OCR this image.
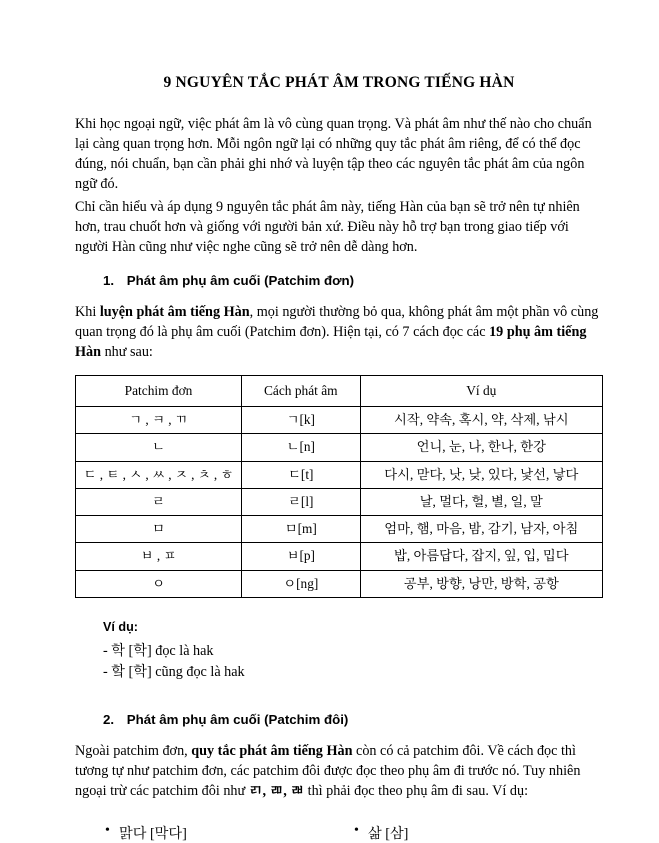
9 NGUYÊN TẮC PHÁT ÂM TRONG TIẾNG HÀN

Khi học ngoại ngữ, việc phát âm là vô cùng quan trọng. Và phát âm như thế nào cho chuẩn lại càng quan trọng hơn. Mỗi ngôn ngữ lại có những quy tắc phát âm riêng, để có thể đọc đúng, nói chuẩn, bạn cần phải ghi nhớ và luyện tập theo các nguyên tắc phát âm của ngôn ngữ đó.

Chỉ cần hiểu và áp dụng 9 nguyên tắc phát âm này, tiếng Hàn của bạn sẽ trở nên tự nhiên hơn, trau chuốt hơn và giống với người bản xứ. Điều này hỗ trợ bạn trong giao tiếp với người Hàn cũng như việc nghe cũng sẽ trở nên dễ dàng hơn.

1. Phát âm phụ âm cuối (Patchim đơn)

Khi luyện phát âm tiếng Hàn, mọi người thường bỏ qua, không phát âm một phần vô cùng quan trọng đó là phụ âm cuối (Patchim đơn). Hiện tại, có 7 cách đọc các 19 phụ âm tiếng Hàn như sau:

Patchim đơn	Cách phát âm	Ví dụ
ㄱ , ㅋ , ㄲ	ㄱ[k]	시작, 약속, 혹시, 약, 삭제, 낚시
ㄴ	ㄴ[n]	언니, 눈, 나, 한나, 한강
ㄷ , ㅌ , ㅅ , ㅆ , ㅈ , ㅊ , ㅎ	ㄷ[t]	다시, 맏다, 낫, 낮, 있다, 낯선, 낳다
ㄹ	ㄹ[l]	날, 멀다, 헐, 별, 일, 말
ㅁ	ㅁ[m]	엄마, 햄, 마음, 밤, 감기, 남자, 아침
ㅂ , ㅍ	ㅂ[p]	밥, 아름답다, 잡지, 잎, 입, 밉다
ㅇ	ㅇ[ng]	공부, 방향, 낭만, 방학, 공항
Ví dụ:

- 학 [학] đọc là hak

- 핰 [학] cũng đọc là hak

2. Phát âm phụ âm cuối (Patchim đôi)

Ngoài patchim đơn, quy tắc phát âm tiếng Hàn còn có cả patchim đôi. Về cách đọc thì tương tự như patchim đơn, các patchim đôi được đọc theo phụ âm đi trước nó. Tuy nhiên ngoại trừ các patchim đôi như ㄺ, ㄻ, ㄼ thì phải đọc theo phụ âm đi sau. Ví dụ:

• 맑다 [막다]	• 삶 [삼]
